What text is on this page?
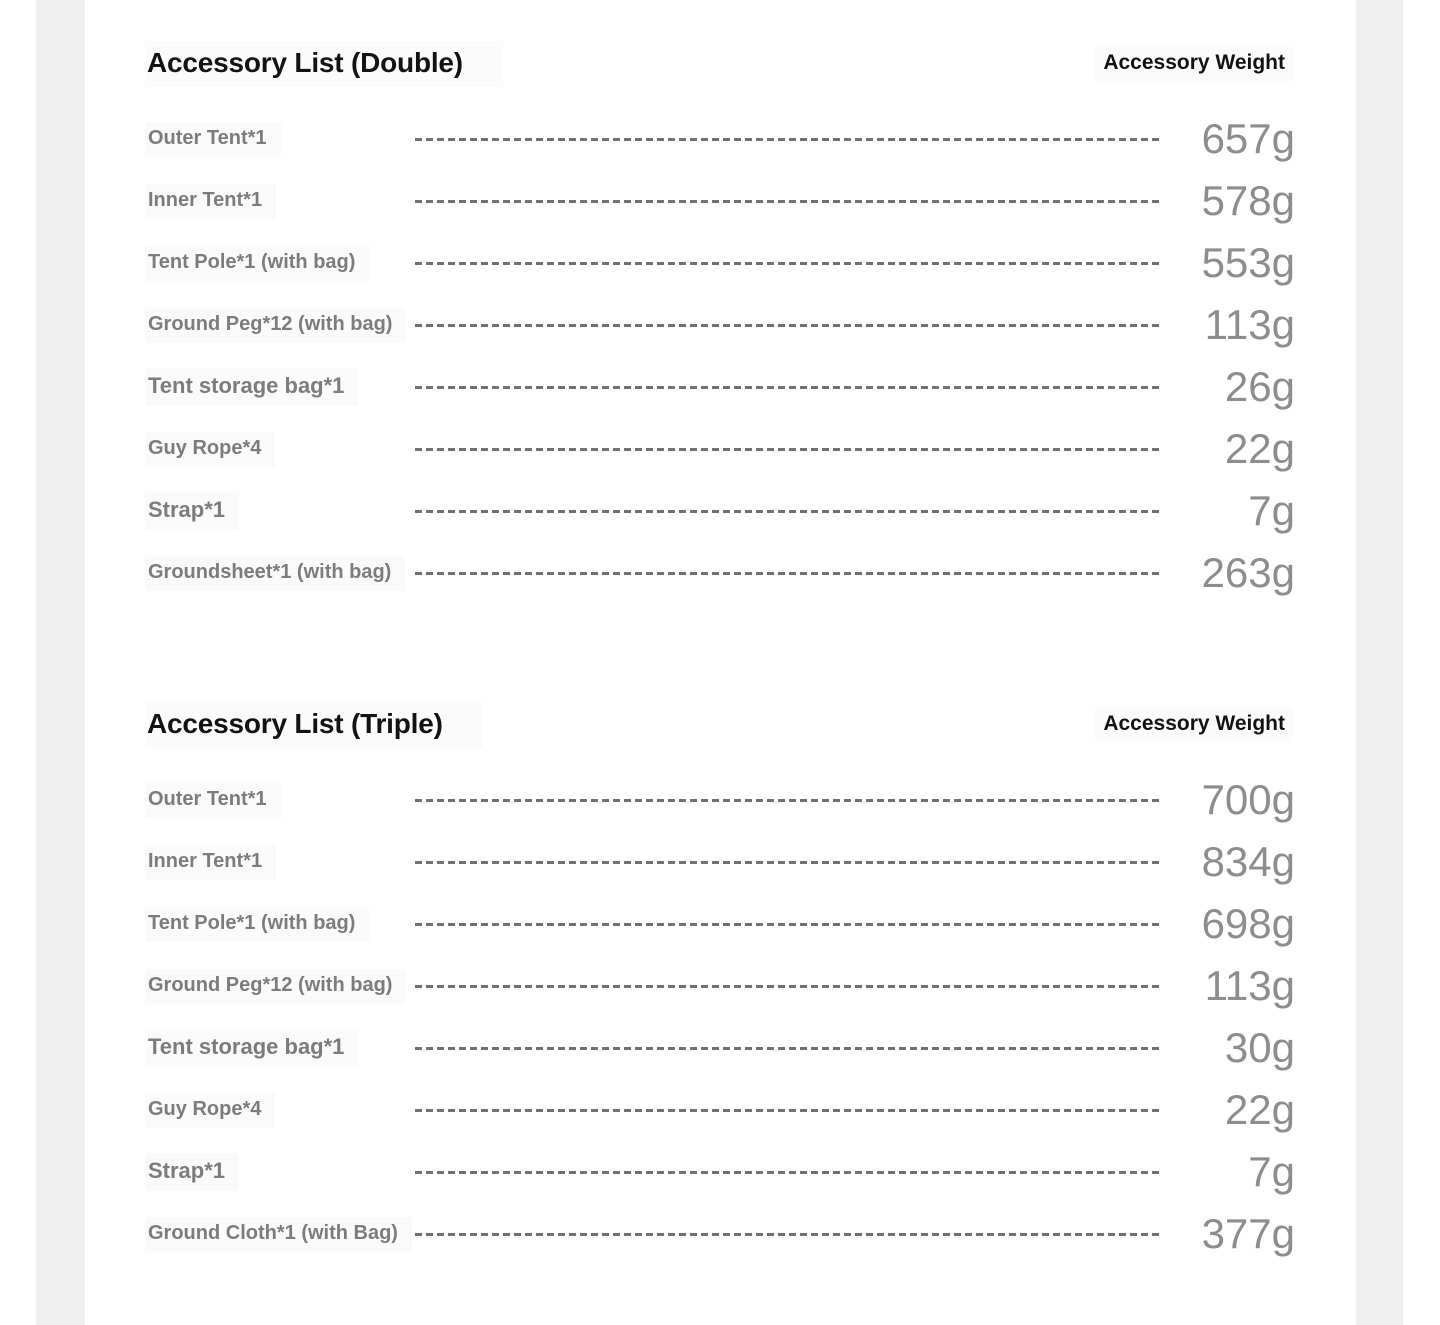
Accessory List (Double)	Accessory Weight
Outer Tent*1	657g
Inner Tent*1	578g
Tent Pole*1 (with bag)	553g
Ground Peg*12 (with bag)	113g
Tent storage bag*1	26g
Guy Rope*4	22g
Strap*1	7g
Groundsheet*1 (with bag)	263g
Accessory List (Triple)	Accessory Weight
Outer Tent*1	700g
Inner Tent*1	834g
Tent Pole*1 (with bag)	698g
Ground Peg*12 (with bag)	113g
Tent storage bag*1	30g
Guy Rope*4	22g
Strap*1	7g
Ground Cloth*1 (with Bag)	377g
